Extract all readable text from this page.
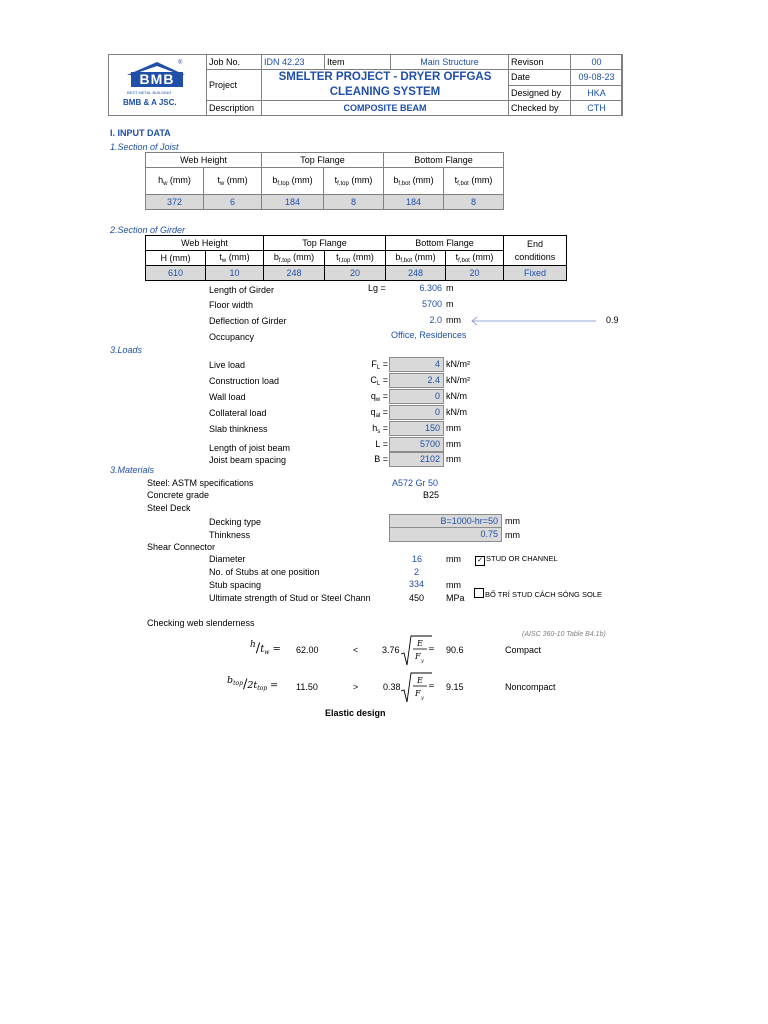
®
BMB
BEST METAL BUILDING
BMB & A JSC.
Job No.	IDN 42.23	Item	Main Structure	Revison	00
Project	SMELTER PROJECT - DRYER OFFGAS CLEANING SYSTEM			Date	09-08-23
				Designed by	HKA
Description	COMPOSITE BEAM			Checked by	CTH
I. INPUT DATA
1.Section of Joist
Web Height		Top Flange		Bottom Flange	
$h_w$ (mm)	$t_w$ (mm)	$b_{f,top}$ (mm)	$t_{f,top}$ (mm)	$b_{f,bot}$ (mm)	$t_{f,bot}$ (mm)
372	6	184	8	184	8
2.Section of Girder
Web Height		Top Flange		Bottom Flange		End conditions
H (mm)	$t_w$ (mm)	$b_{f,top}$ (mm)	$t_{f,top}$ (mm)	$b_{f,bot}$ (mm)	$t_{f,bot}$ (mm)	
610	10	248	20	248	20	Fixed
Length of Girder	Lg =	6.306 m
Floor width	5700 m
Deflection of Girder	2.0 mm	0.9
Occupancy	Office, Residences
3.Loads
Live load	$F_L$ =	4 kN/m²
Construction load	$C_L$ =	2.4 kN/m²
Wall load	$q_w$ =	0 kN/m
Collateral load	$q_{al}$ =	0 kN/m
Slab thinkness	$h_s$ =	150 mm
Length of joist beam	L =	5700 mm
Joist beam spacing	B =	2102 mm
3.Materials
Steel: ASTM specifications	A572 Gr 50
Concrete grade	B25
Steel Deck
Decking type	B=1000-hr=50 mm
Thinkness	0.75 mm
Shear Connector
Diameter	16	mm ✓ STUD OR CHANNEL
No. of Stubs at one position	2
Stub spacing	334 mm
BỐ TRÍ STUD CÁCH SÓNG SOLE
Ultimate strength of Stud or Steel Chann	450 MPa
Checking web slenderness
(AISC 360-10 Table B4.1b)
$h/t_w = 62.00$	<	3.76
E
F y
= 90.6	Compact
$b_{top}/2t_{top} = 11.50$	>	0.38
E
F y
= 9.15	Noncompact
Elastic design
